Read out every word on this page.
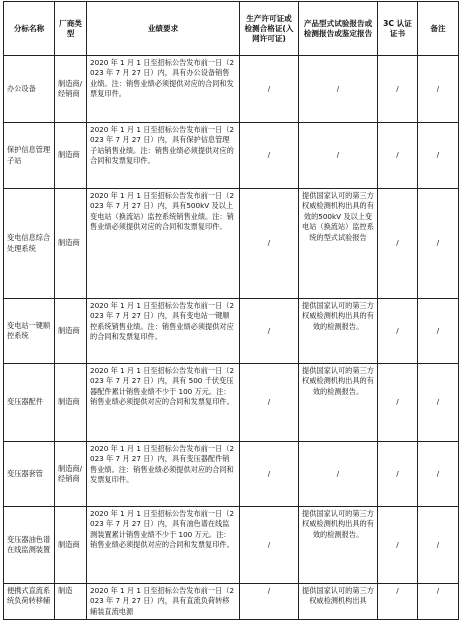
分标名称	厂商类型	业绩要求	生产许可证或检测合格证(入网许可证)	产品型式试验报告或检测报告或鉴定报告	3C 认证证书	备注
办公设备	制造商/经销商	2020 年 1 月 1 日至招标公告发布前一日（2023 年 7 月 27 日）内，具有办公设备销售业绩。注：销售业绩必须提供对应的合同和发票复印件。	/	/	/	/
保护信息管理子站	制造商	2020 年 1 月 1 日至招标公告发布前一日（2023 年 7 月 27 日）内，具有保护信息管理子站销售业绩。注：销售业绩必须提供对应的合同和发票复印件。	/	/	/	/
变电信息综合处理系统	制造商	2020 年 1 月 1 日至招标公告发布前一日（2023 年 7 月 27 日）内，具有500kV 及以上变电站（换流站）监控系统销售业绩。注：销售业绩必须提供对应的合同和发票复印件。	/	提供国家认可的第三方权威检测机构出具的有效的500kV 及以上变电站（换流站）监控系统的型式试验报告	/	/
变电站一键顺控系统	制造商	2020 年 1 月 1 日至招标公告发布前一日（2023 年 7 月 27 日）内，具有变电站一键顺控系统销售业绩。注：销售业绩必须提供对应的合同和发票复印件。	/	提供国家认可的第三方权威检测机构出具的有效的检测报告。	/	/
变压器配件	制造商	2020 年 1 月 1 日至招标公告发布前一日（2023 年 7 月 27 日）内，具有 500 千伏变压器配件累计销售业绩不少于 100 万元。注：销售业绩必须提供对应的合同和发票复印件。	/	提供国家认可的第三方权威检测机构出具的有效的检测报告。	/	/
变压器套管	制造商/经销商	2020 年 1 月 1 日至招标公告发布前一日（2023 年 7 月 27 日）内，具有变压器配件销售业绩。注：销售业绩必须提供对应的合同和发票复印件。	/	/	/	/
变压器油色谱在线监测装置	制造商	2020 年 1 月 1 日至招标公告发布前一日（2023 年 7 月 27 日）内，具有油色谱在线监测装置累计销售业绩不少于 100 万元。注：销售业绩必须提供对应的合同和发票复印件。	/	提供国家认可的第三方权威检测机构出具的有效的检测报告。	/	/
便携式直流系统负荷转移辅	制造	2020 年 1 月 1 日至招标公告发布前一日（2023 年 7 月 27 日）内，具有直流负荷转移辅装直流电源	/	提供国家认可的第三方权威检测机构出具	/	/
